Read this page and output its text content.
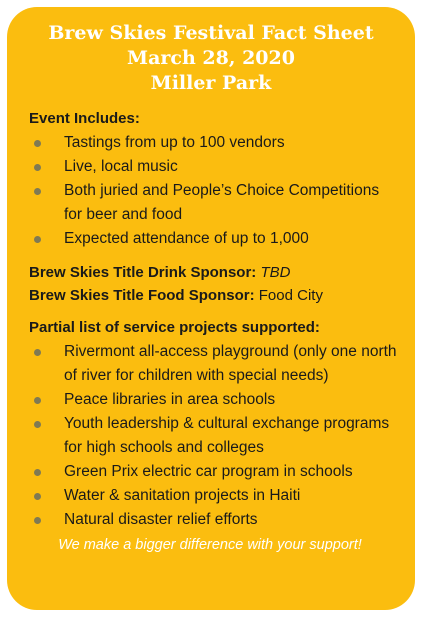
Brew Skies Festival Fact Sheet
March 28, 2020
Miller Park
Event Includes:
Tastings from up to 100 vendors
Live, local music
Both juried and People’s Choice Competitions for beer and food
Expected attendance of up to 1,000
Brew Skies Title Drink Sponsor: TBD
Brew Skies Title Food Sponsor: Food City
Partial list of service projects supported:
Rivermont all-access playground (only one north of river for children with special needs)
Peace libraries in area schools
Youth leadership & cultural exchange programs for high schools and colleges
Green Prix electric car program in schools
Water & sanitation projects in Haiti
Natural disaster relief efforts
We make a bigger difference with your support!
